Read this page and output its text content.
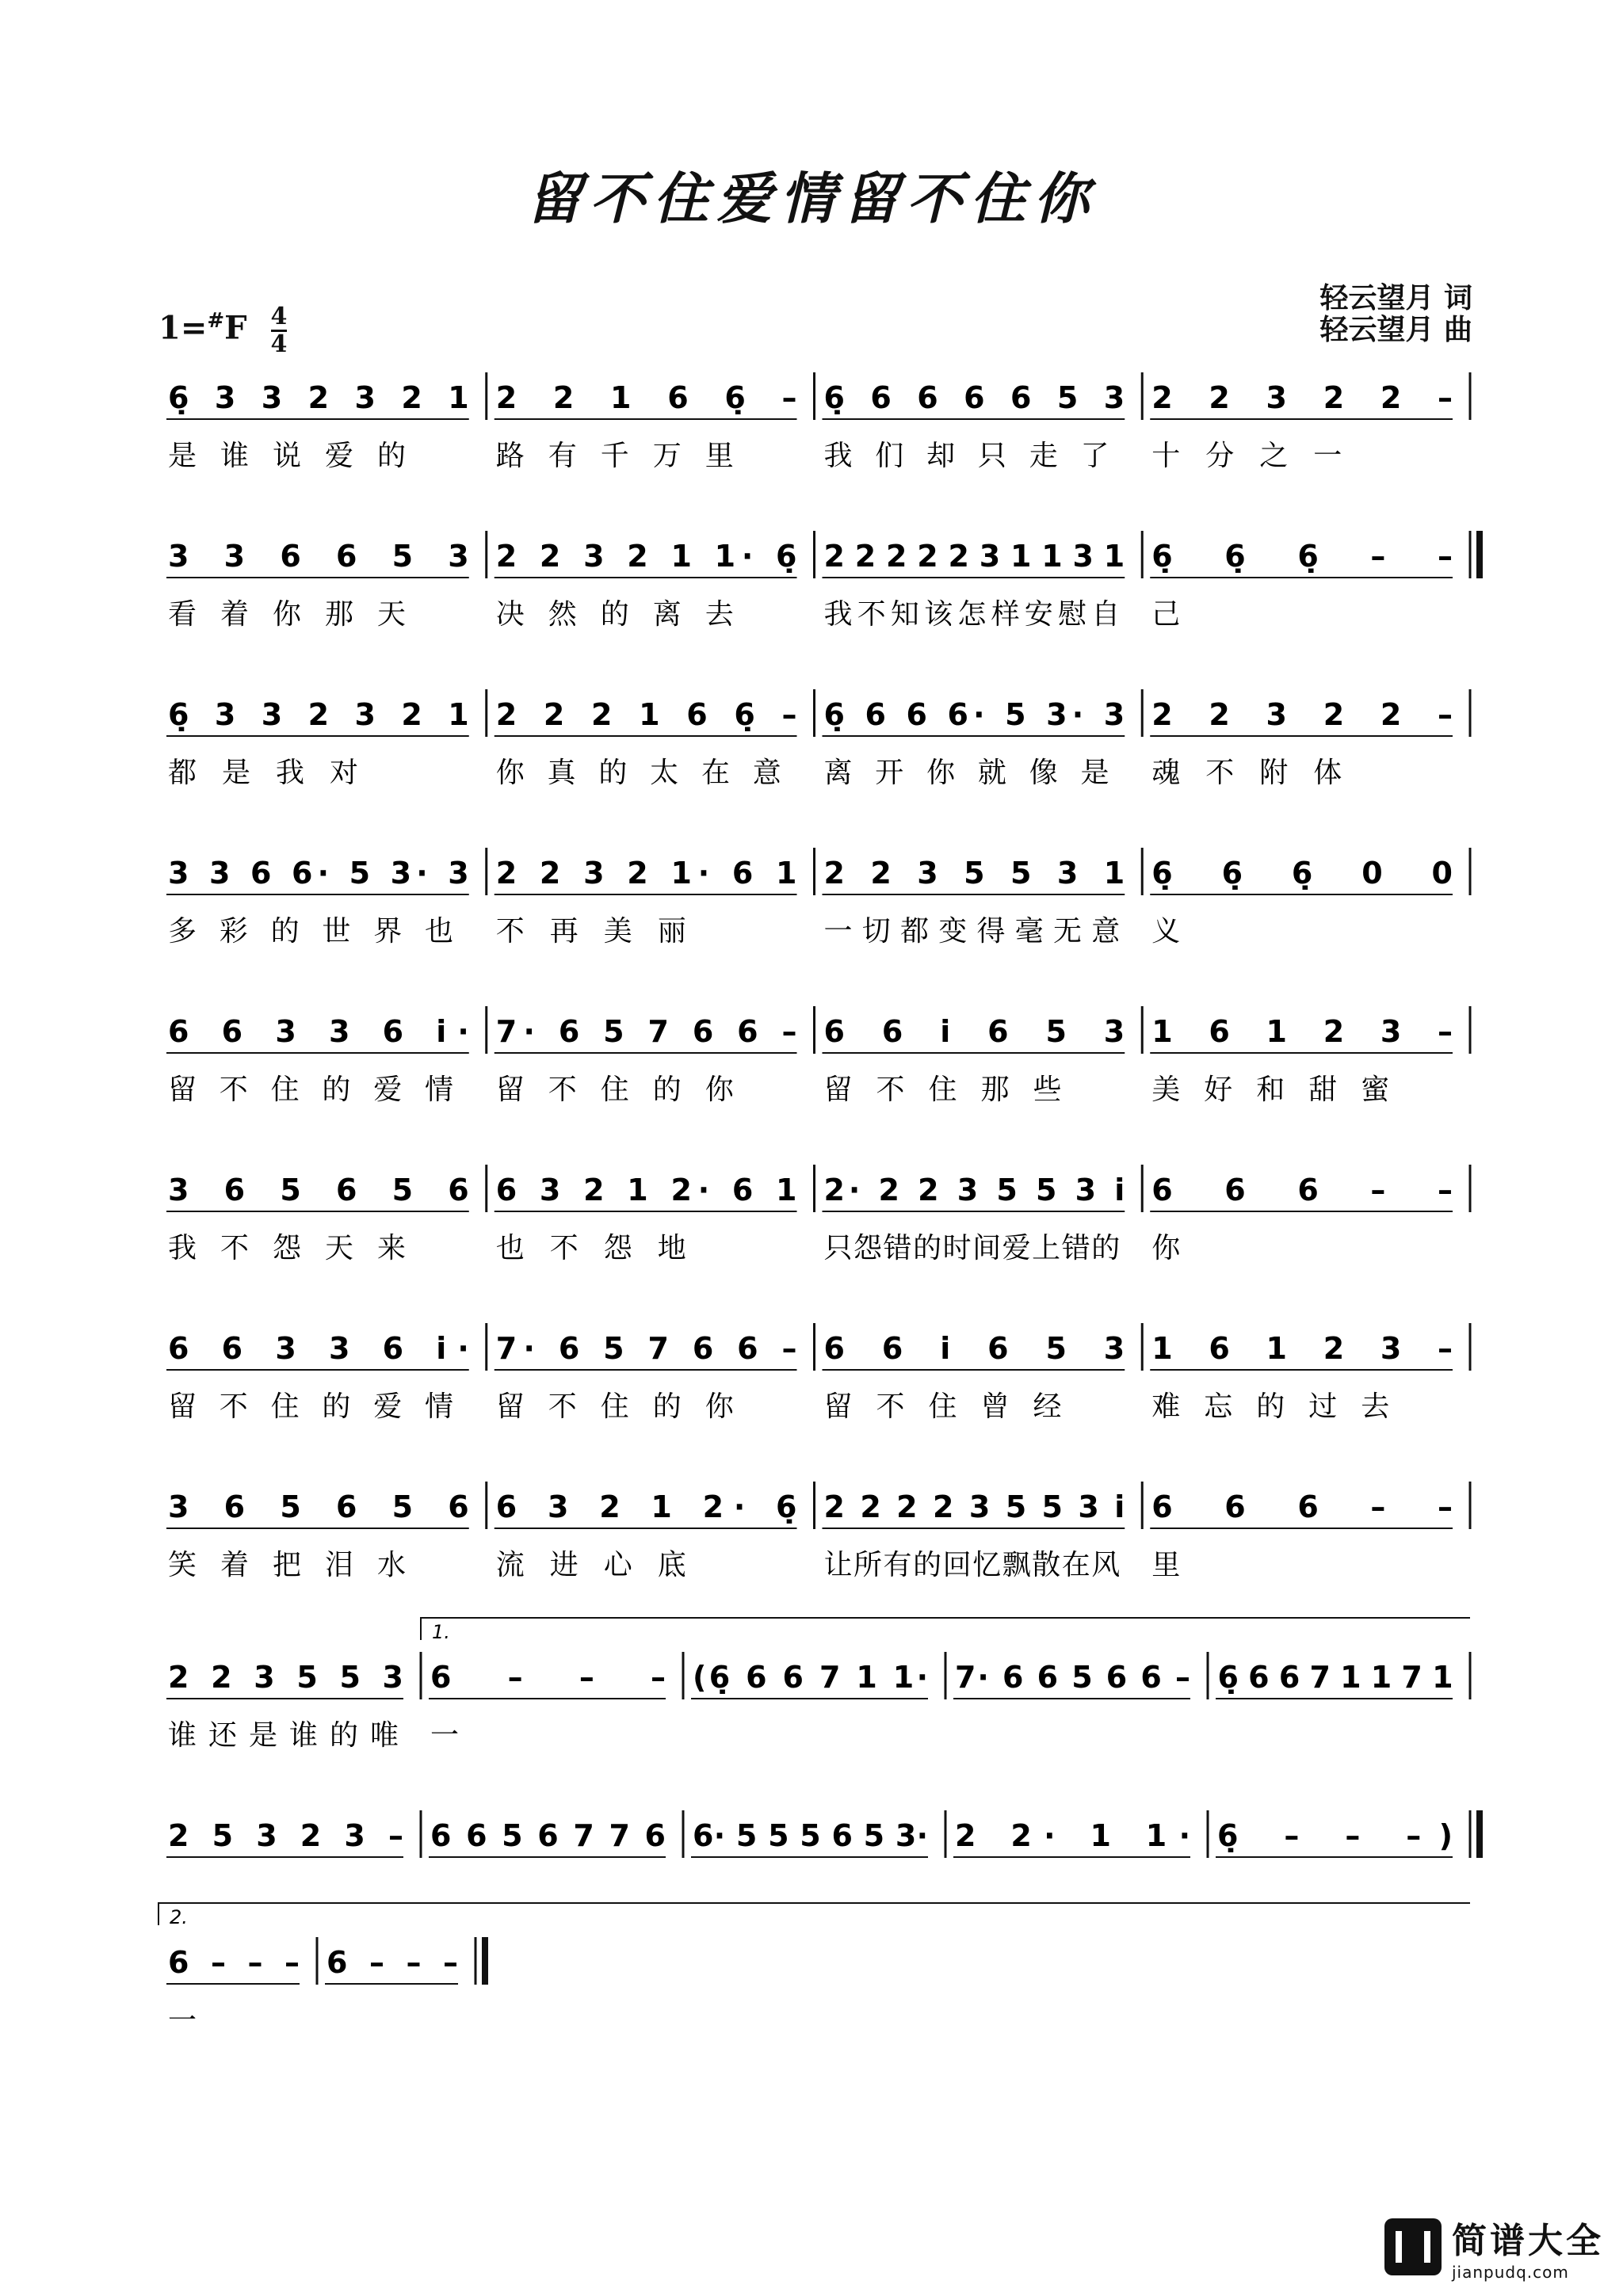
留不住爱情留不住你
轻云望月 词
轻云望月 曲
$1=^{\#}F \frac{4}{4}$
6̣ 3 3 2 3 2 1
是谁说爱的
2 2 1 6 6̣ –
路有千万里
6̣ 6 6 6 6 5 3
我们却只走了
2 2 3 2 2 –
十分之一
3 3 6 6 5 3
看着你那天
2 2 3 2 1 1· 6̣
决然的离去
2 2 2 2 2 3 1 1 3 1
我不知该怎样安慰自
6̣ 6̣ 6̣ – –
己
6̣ 3 3 2 3 2 1
都是我对
2 2 2 1 6 6̣ –
你真的太在意
6̣ 6 6 6· 5 3· 3
离开你就像是
2 2 3 2 2 –
魂不附体
3 3 6 6· 5 3· 3
多彩的世界也
2 2 3 2 1· 6 1
不再美丽
2 2 3 5 5 3 1
一切都变得毫无意
6̣ 6̣ 6̣ 0 0
义
6 6 3 3 6 i·
留不住的爱情
7· 6 5 7 6 6 –
留不住的你
6 6 i 6 5 3
留不住那些
1 6 1 2 3 –
美好和甜蜜
3 6 5 6 5 6
我不怨天来
6 3 2 1 2· 6 1
也不怨地
2· 2 2 3 5 5 3 i
只怨错的时间爱上错的
6 6 6 – –
你
6 6 3 3 6 i·
留不住的爱情
7· 6 5 7 6 6 –
留不住的你
6 6 i 6 5 3
留不住曾经
1 6 1 2 3 –
难忘的过去
3 6 5 6 5 6
笑着把泪水
6 3 2 1 2· 6̣
流进心底
2 2 2 2 3 5 5 3 i
让所有的回忆飘散在风
6 6 6 – –
里
1.
2 2 3 5 5 3
谁还是谁的唯
6 – – –
一
(6̣ 6 6 7 1 1· 7· 6 6 5 6 6 – 6̣ 6 6 7 1 1 7 1
2 5 3 2 3 – 6 6 5 6 7 7 6 6· 5 5 5 6 5 3· 2 2· 1 1· 6̣ – – –)
2.
6 – – –
一
6 – – –

简谱大全
jianpudq.com
